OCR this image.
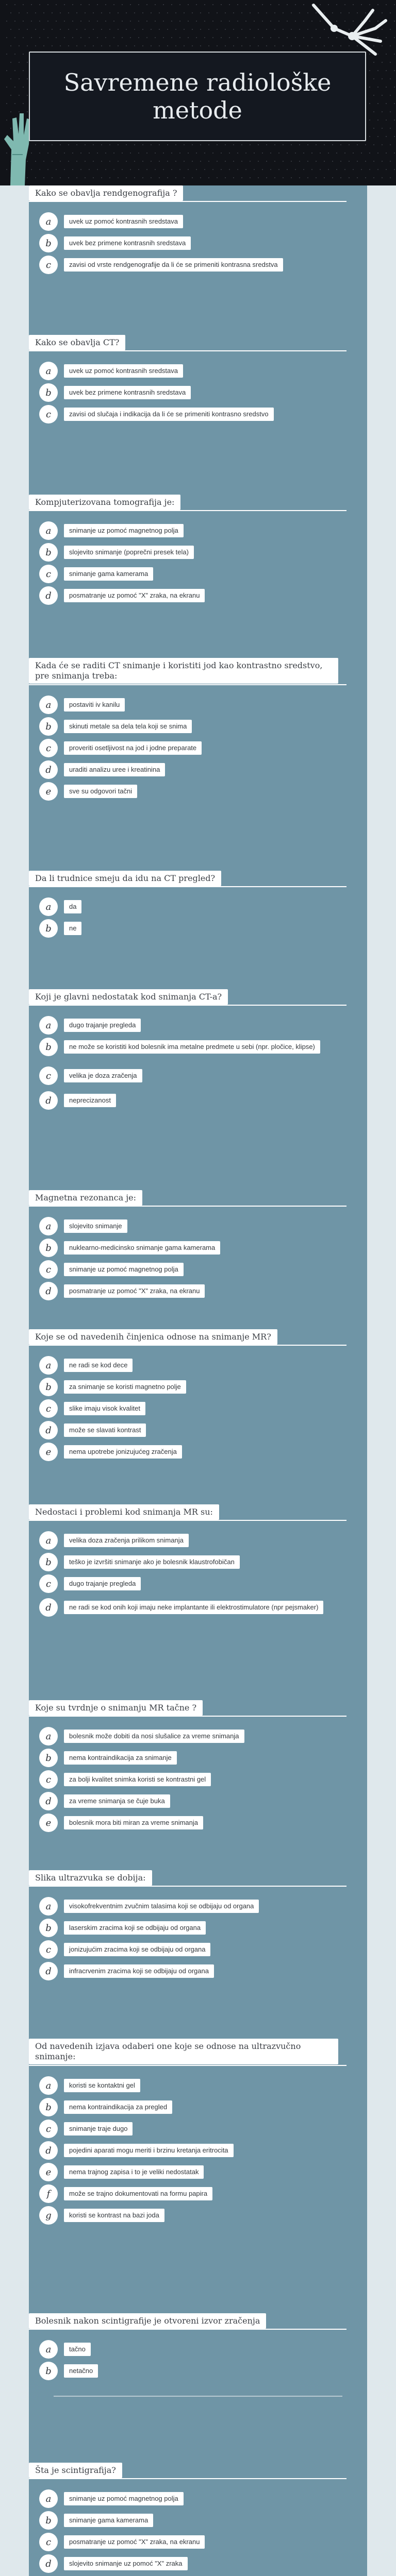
Savremene radiološke metode
Kako se obavlja rendgenografija ?
a	uvek uz pomoć kontrasnih sredstava
b	uvek bez primene kontrasnih sredstava
c	zavisi od vrste rendgenografije da li će se primeniti kontrasna sredstva
Kako se obavlja CT?
a	uvek uz pomoć kontrasnih sredstava
b	uvek bez primene kontrasnih sredstava
c	zavisi od slučaja i indikacija da li će se primeniti kontrasno sredstvo
Kompjuterizovana tomografija je:
a	snimanje uz pomoć magnetnog polja
b	slojevito snimanje (poprečni presek tela)
c	snimanje gama kamerama
d	posmatranje uz pomoć "X" zraka, na ekranu
Kada će se raditi CT snimanje i koristiti jod kao kontrastno sredstvo, pre snimanja treba:
a	postaviti iv kanilu
b	skinuti metale sa dela tela koji se snima
c	proveriti osetljivost na jod i jodne preparate
d	uraditi analizu uree i kreatinina
e	sve su odgovori tačni
Da li trudnice smeju da idu na CT pregled?
a	da
b	ne
Koji je glavni nedostatak kod snimanja CT-a?
a	dugo trajanje pregleda
b	ne može se koristiti kod bolesnik ima metalne predmete u sebi (npr. pločice, klipse)
c	velika je doza zračenja
d	neprecizanost
Magnetna rezonanca je:
a	slojevito snimanje
b	nuklearno-medicinsko snimanje gama kamerama
c	snimanje uz pomoć magnetnog polja
d	posmatranje uz pomoć "X" zraka, na ekranu
Koje se od navedenih činjenica odnose na snimanje MR?
a	ne radi se kod dece
b	za snimanje se koristi magnetno polje
c	slike imaju visok kvalitet
d	može se slavati kontrast
e	nema upotrebe jonizujućeg zračenja
Nedostaci i problemi kod snimanja MR su:
a	velika doza zračenja prilikom snimanja
b	teško je izvršiti snimanje ako je bolesnik klaustrofobičan
c	dugo trajanje pregleda
d	ne radi se kod onih koji imaju neke implantante ili elektrostimulatore (npr pejsmaker)
Koje su tvrdnje o snimanju MR tačne ?
a	bolesnik može dobiti da nosi slušalice za vreme snimanja
b	nema kontraindikacija za snimanje
c	za bolji kvalitet snimka koristi se kontrastni gel
d	za vreme snimanja se čuje buka
e	bolesnik mora biti miran za vreme snimanja
Slika ultrazvuka se dobija:
a	visokofrekventnim zvučnim talasima koji se odbijaju od organa
b	laserskim zracima koji se odbijaju od organa
c	jonizujućim zracima koji se odbijaju od organa
d	infracrvenim zracima koji se odbijaju od organa
Od navedenih izjava odaberi one koje se odnose na ultrazvučno snimanje:
a	koristi se kontaktni gel
b	nema kontraindikacija za pregled
c	snimanje traje dugo
d	pojedini aparati mogu meriti i brzinu kretanja eritrocita
e	nema trajnog zapisa i to je veliki nedostatak
f	može se trajno dokumentovati na formu papira
g	koristi se kontrast na bazi joda
Bolesnik nakon scintigrafije je otvoreni izvor zračenja
a	tačno
b	netačno
Šta je scintigrafija?
a	snimanje uz pomoć magnetnog polja
b	snimanje gama kamerama
c	posmatranje uz pomoć "X" zraka, na ekranu
d	slojevito snimanje uz pomoć "X" zraka
